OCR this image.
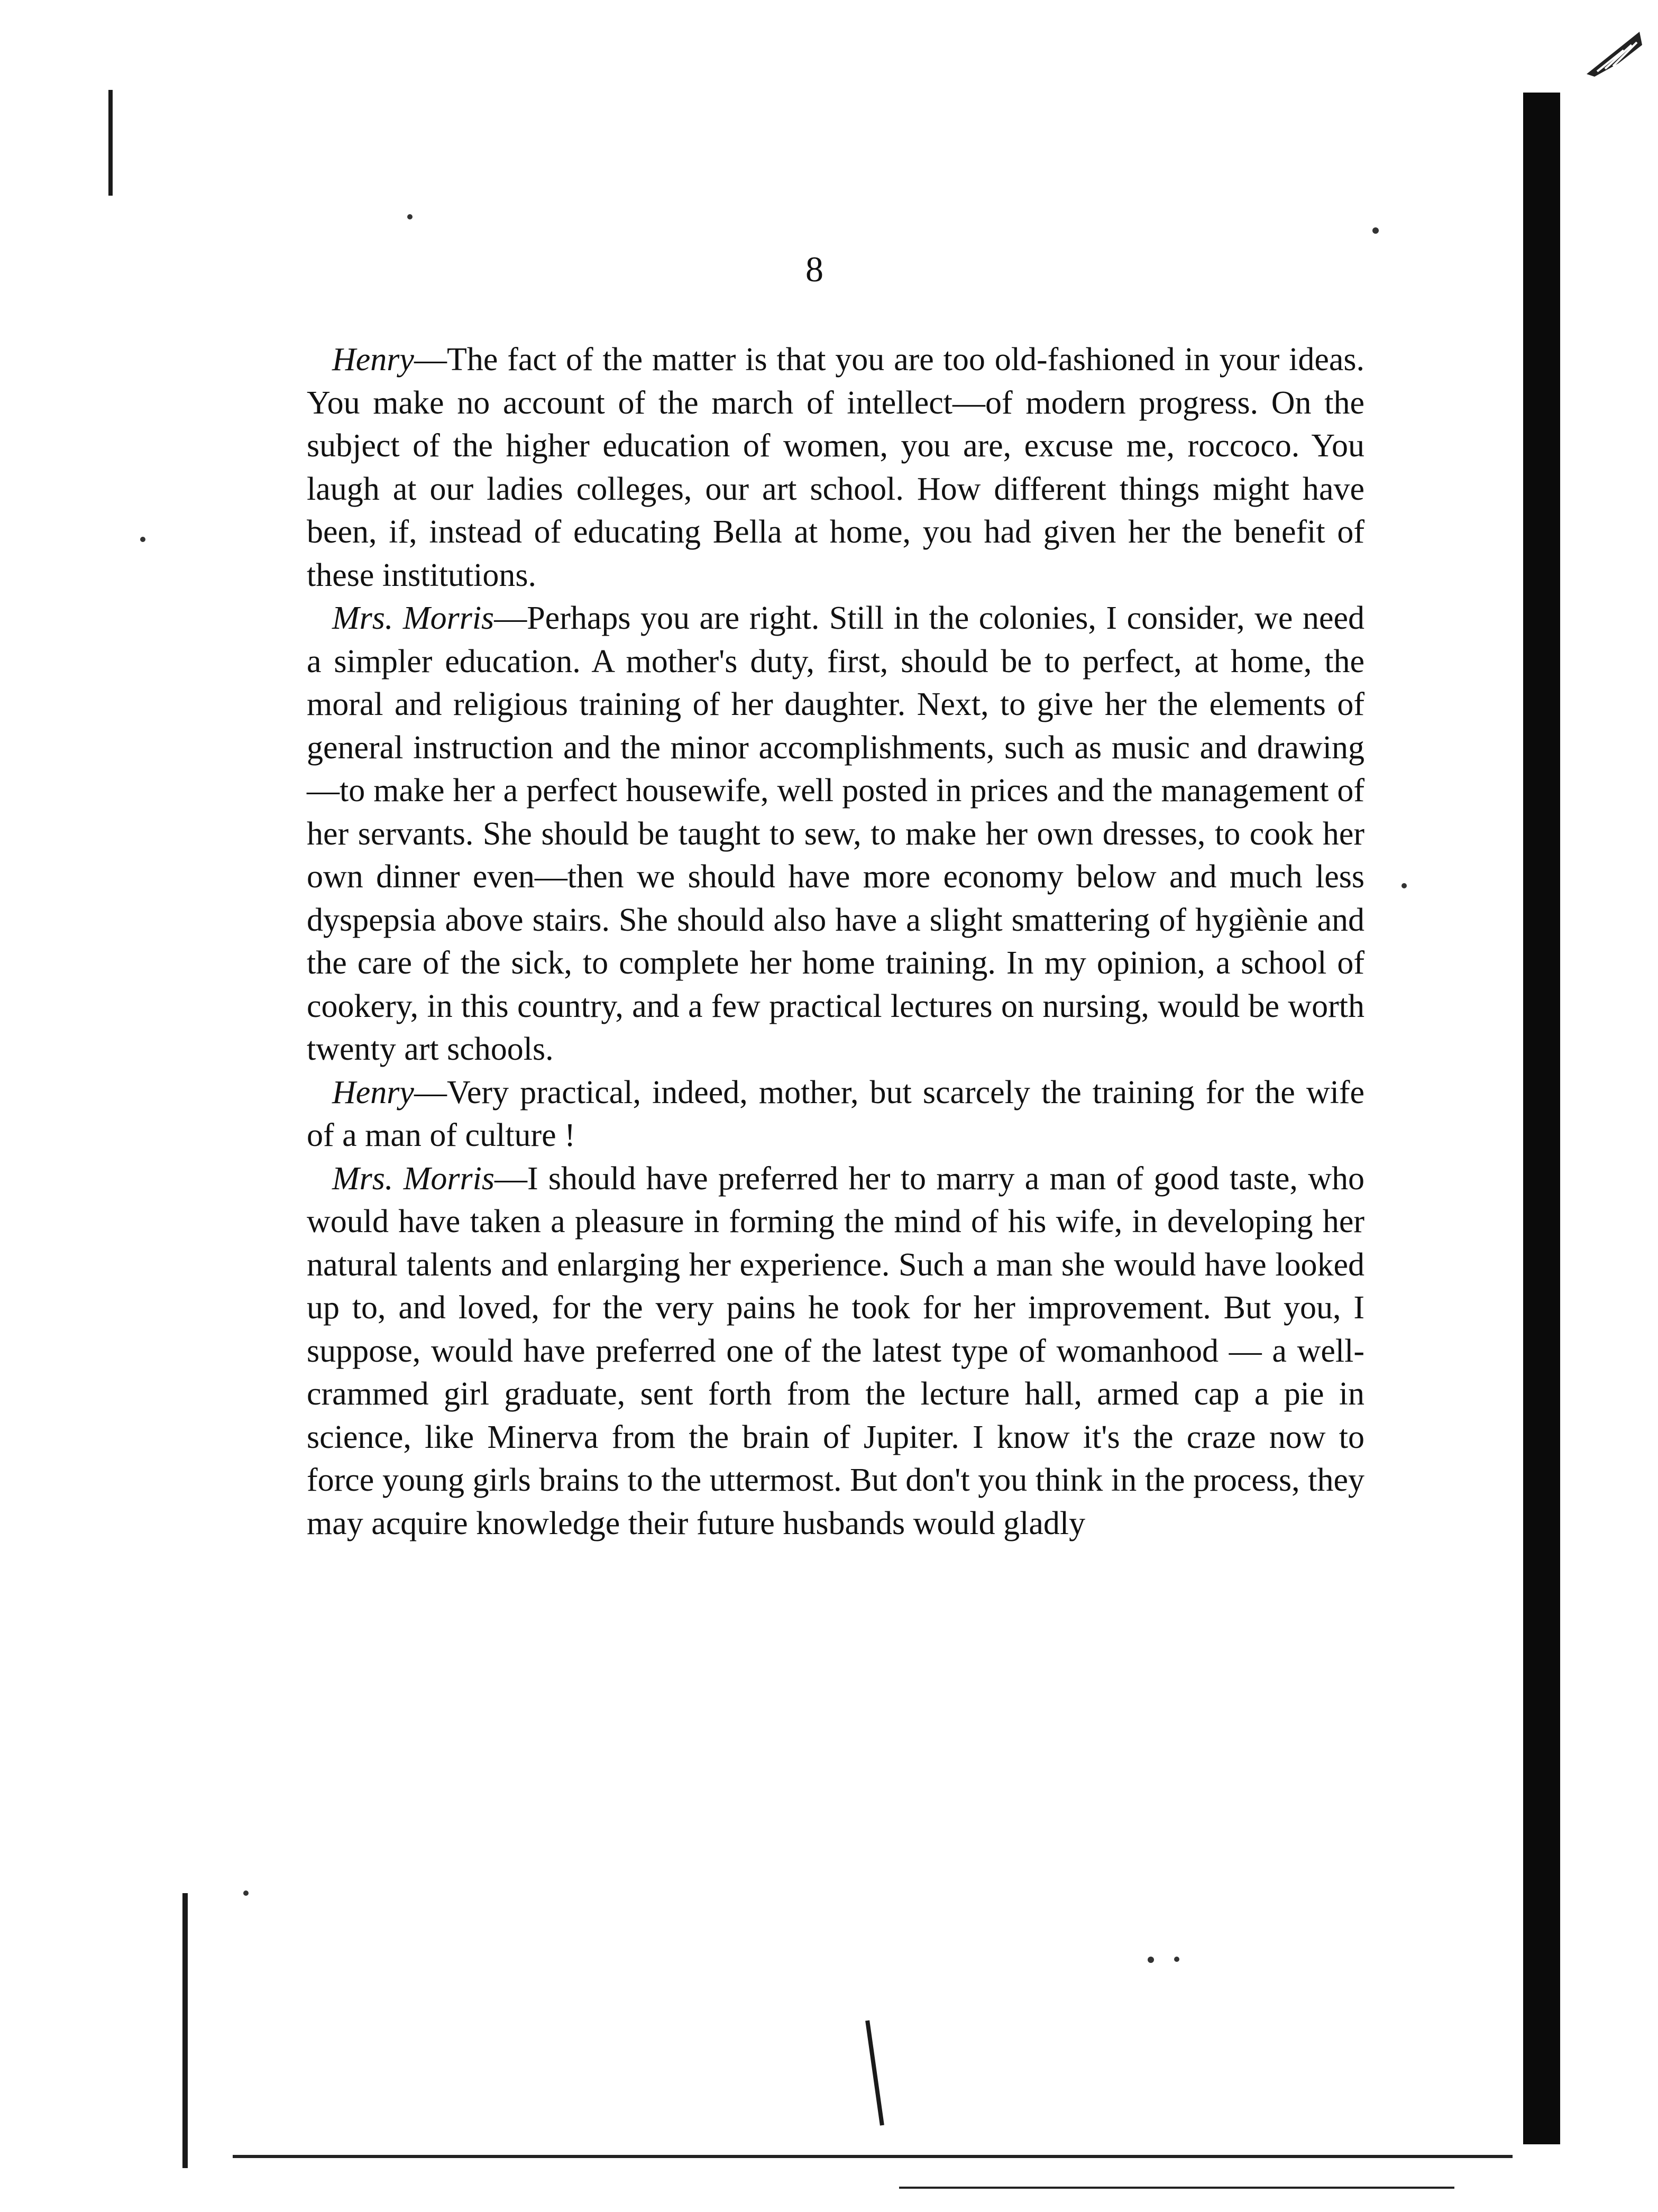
8

Henry—The fact of the matter is that you are too old-fashioned in your ideas. You make no account of the march of intellect—of modern progress. On the subject of the higher education of women, you are, excuse me, roccoco. You laugh at our ladies colleges, our art school. How different things might have been, if, instead of educating Bella at home, you had given her the benefit of these institutions.

Mrs. Morris—Perhaps you are right. Still in the colonies, I consider, we need a simpler education. A mother's duty, first, should be to perfect, at home, the moral and religious training of her daughter. Next, to give her the elements of general instruction and the minor accomplishments, such as music and drawing—to make her a perfect housewife, well posted in prices and the management of her servants. She should be taught to sew, to make her own dresses, to cook her own dinner even—then we should have more economy below and much less dyspepsia above stairs. She should also have a slight smattering of hygiènie and the care of the sick, to complete her home training. In my opinion, a school of cookery, in this country, and a few practical lectures on nursing, would be worth twenty art schools.

Henry—Very practical, indeed, mother, but scarcely the training for the wife of a man of culture !

Mrs. Morris—I should have preferred her to marry a man of good taste, who would have taken a pleasure in forming the mind of his wife, in developing her natural talents and enlarging her experience. Such a man she would have looked up to, and loved, for the very pains he took for her improvement. But you, I suppose, would have preferred one of the latest type of womanhood — a well-crammed girl graduate, sent forth from the lecture hall, armed cap a pie in science, like Minerva from the brain of Jupiter. I know it's the craze now to force young girls brains to the uttermost. But don't you think in the process, they may acquire knowledge their future husbands would gladly
